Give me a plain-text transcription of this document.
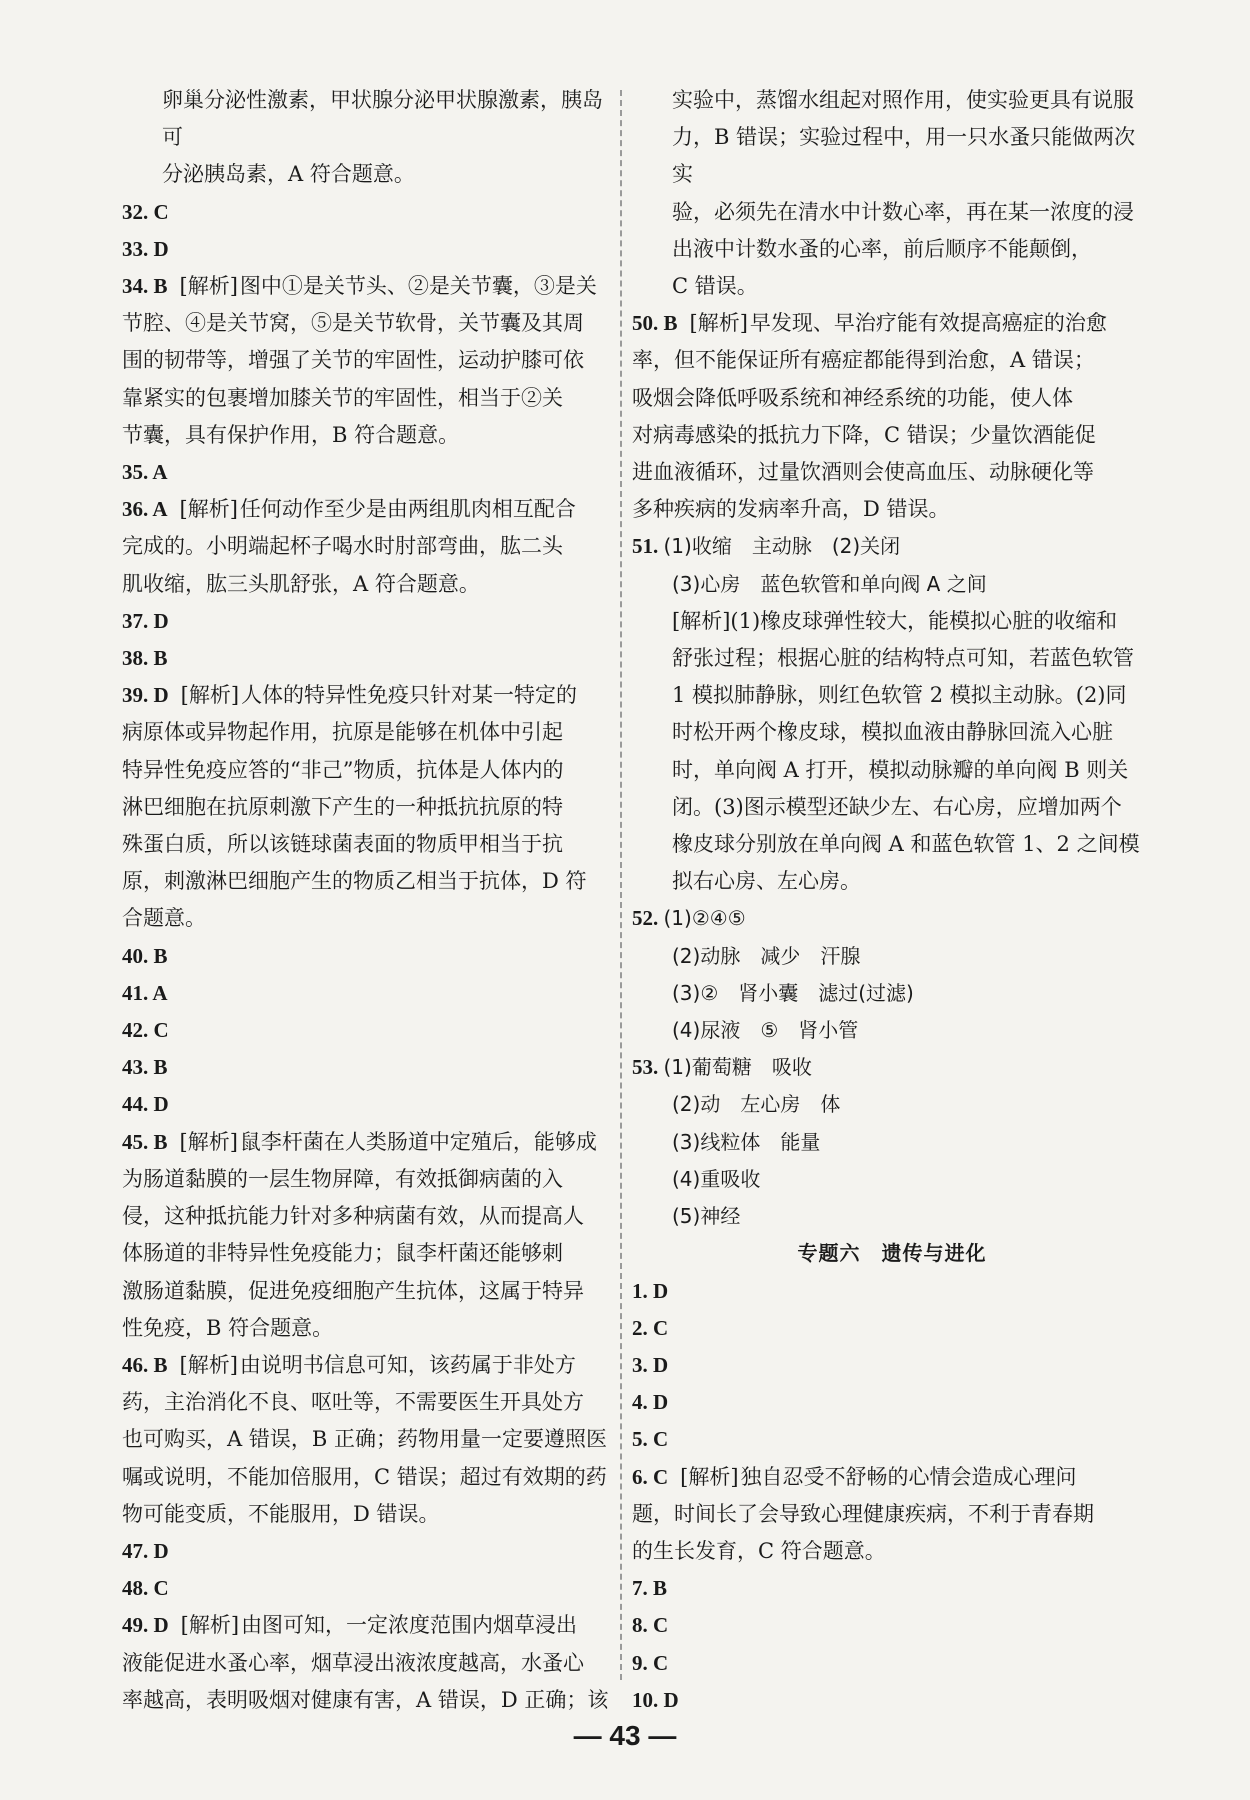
卵巢分泌性激素，甲状腺分泌甲状腺激素，胰岛可
分泌胰岛素，A 符合题意。
32. C
33. D
34. B [解析]图中①是关节头、②是关节囊，③是关
节腔、④是关节窝，⑤是关节软骨，关节囊及其周
围的韧带等，增强了关节的牢固性，运动护膝可依
靠紧实的包裹增加膝关节的牢固性，相当于②关
节囊，具有保护作用，B 符合题意。
35. A
36. A [解析]任何动作至少是由两组肌肉相互配合
完成的。小明端起杯子喝水时肘部弯曲，肱二头
肌收缩，肱三头肌舒张，A 符合题意。
37. D
38. B
39. D [解析]人体的特异性免疫只针对某一特定的
病原体或异物起作用，抗原是能够在机体中引起
特异性免疫应答的“非己”物质，抗体是人体内的
淋巴细胞在抗原刺激下产生的一种抵抗抗原的特
殊蛋白质，所以该链球菌表面的物质甲相当于抗
原，刺激淋巴细胞产生的物质乙相当于抗体，D 符
合题意。
40. B
41. A
42. C
43. B
44. D
45. B [解析]鼠李杆菌在人类肠道中定殖后，能够成
为肠道黏膜的一层生物屏障，有效抵御病菌的入
侵，这种抵抗能力针对多种病菌有效，从而提高人
体肠道的非特异性免疫能力；鼠李杆菌还能够刺
激肠道黏膜，促进免疫细胞产生抗体，这属于特异
性免疫，B 符合题意。
46. B [解析]由说明书信息可知，该药属于非处方
药，主治消化不良、呕吐等，不需要医生开具处方
也可购买，A 错误，B 正确；药物用量一定要遵照医
嘱或说明，不能加倍服用，C 错误；超过有效期的药
物可能变质，不能服用，D 错误。
47. D
48. C
49. D [解析]由图可知，一定浓度范围内烟草浸出
液能促进水蚤心率，烟草浸出液浓度越高，水蚤心
率越高，表明吸烟对健康有害，A 错误，D 正确；该
实验中，蒸馏水组起对照作用，使实验更具有说服
力，B 错误；实验过程中，用一只水蚤只能做两次实
验，必须先在清水中计数心率，再在某一浓度的浸
出液中计数水蚤的心率，前后顺序不能颠倒，
C 错误。
50. B [解析]早发现、早治疗能有效提高癌症的治愈
率，但不能保证所有癌症都能得到治愈，A 错误；
吸烟会降低呼吸系统和神经系统的功能，使人体
对病毒感染的抵抗力下降，C 错误；少量饮酒能促
进血液循环，过量饮酒则会使高血压、动脉硬化等
多种疾病的发病率升高，D 错误。
51. (1)收缩　主动脉　(2)关闭
(3)心房　蓝色软管和单向阀 A 之间
[解析](1)橡皮球弹性较大，能模拟心脏的收缩和
舒张过程；根据心脏的结构特点可知，若蓝色软管
1 模拟肺静脉，则红色软管 2 模拟主动脉。(2)同
时松开两个橡皮球，模拟血液由静脉回流入心脏
时，单向阀 A 打开，模拟动脉瓣的单向阀 B 则关
闭。(3)图示模型还缺少左、右心房，应增加两个
橡皮球分别放在单向阀 A 和蓝色软管 1、2 之间模
拟右心房、左心房。
52. (1)②④⑤
(2)动脉　减少　汗腺
(3)②　肾小囊　滤过(过滤)
(4)尿液　⑤　肾小管
53. (1)葡萄糖　吸收
(2)动　左心房　体
(3)线粒体　能量
(4)重吸收
(5)神经
专题六　遗传与进化
1. D
2. C
3. D
4. D
5. C
6. C [解析]独自忍受不舒畅的心情会造成心理问
题，时间长了会导致心理健康疾病，不利于青春期
的生长发育，C 符合题意。
7. B
8. C
9. C
10. D
— 43 —
